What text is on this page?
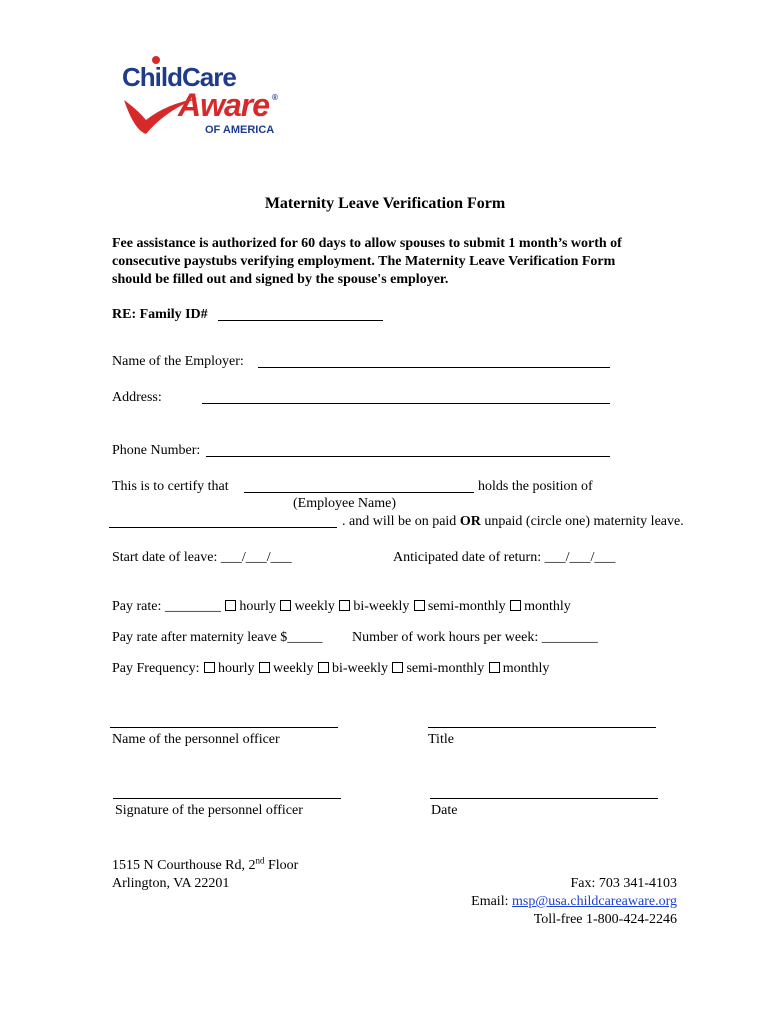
ChildCare
Aware ®
OF AMERICA
Maternity Leave Verification Form
Fee assistance is authorized for 60 days to allow spouses to submit 1 month’s worth of
consecutive paystubs verifying employment. The Maternity Leave Verification Form
should be filled out and signed by the spouse's employer.
RE: Family ID#
Name of the Employer:
Address:
Phone Number:
This is to certify that	holds the position of
(Employee Name)
. and will be on paid OR unpaid (circle one) maternity leave.
Start date of leave: ___/___/___	Anticipated date of return: ___/___/___
Pay rate: ________ hourly weekly bi-weekly semi-monthly monthly
Pay rate after maternity leave $_____ Number of work hours per week: ________
Pay Frequency: hourly weekly bi-weekly semi-monthly monthly
Name of the personnel officer	Title
Signature of the personnel officer	Date
1515 N Courthouse Rd, 2nd Floor
Arlington, VA 22201	Fax: 703 341-4103
Email: msp@usa.childcareaware.org
Toll-free 1-800-424-2246
